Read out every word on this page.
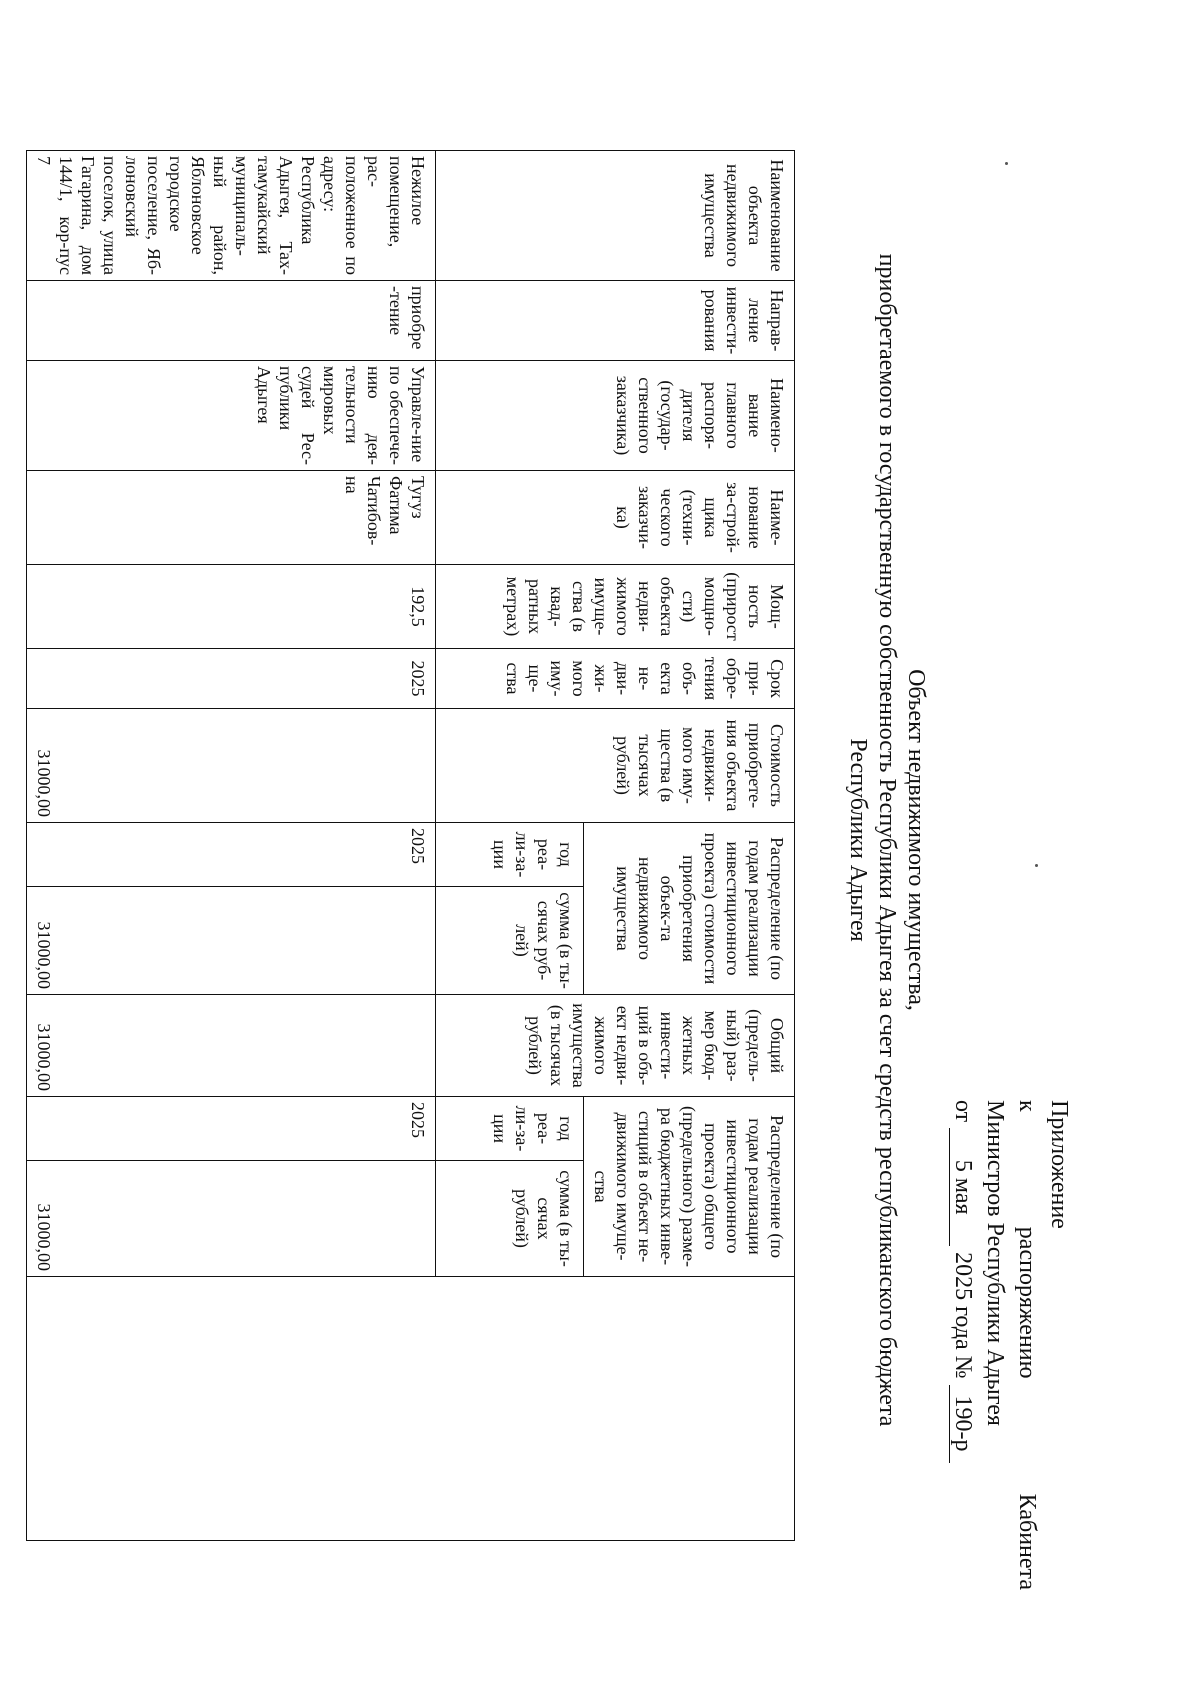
Приложение
к
распоряжению
Кабинета
Министров Республики Адыгея
от 5 мая 2025 года № 190-р
Объект недвижимого имущества,
приобретаемого в государственную собственность Республики Адыгея за счет средств республиканского бюджета
Республики Адыгея
Наименование объекта недвижимого имущества	Направ-ление инвести-рования	Наимено-вание главного распоря-дителя (государ-ственного заказчика)	Наиме-нование за-строй-щика (техни-ческого заказчи-ка)	Мощ-ность (прирост мощно-сти) объекта недви-жимого имуще-ства (в квад-ратных метрах)	Срок при-обре-тения объ-екта не-дви-жи-мого иму-ще-ства	Стоимость приобрете-ния объекта недвижи-мого иму-щества (в тысячах рублей)	Распределение (по годам реализации инвестиционного проекта) стоимости приобретения объек-та недвижимого имущества		Общий (предель-ный) раз-мер бюд-жетных инвести-ций в объ-ект недви-жимого имущества (в тысячах рублей)	Распределение (по годам реализации инвестиционного проекта) общего (предельного) разме-ра бюджетных инве-стиций в объект не-движимого имуще-ства		
							год реа-ли-за-ции	сумма (в ты-сячах руб-лей)		год реа-ли-за-ции	сумма (в ты-сячах рублей)	
Нежилое помещение, рас-положенное по адресу: Республика Адыгея, Тах-тамукайский муниципаль-ный район, Яблоновское городское поселение, Яб-лоновский поселок, улица Гагарина, дом 144/1, кор-пус 7	приобре-тение	Управле-ние по обеспече-нию дея-тельности мировых судей Рес-публики Адыгея	Тугуз Фатима Чатибов-на	192,5	2025	31000,00	2025	31000,00	31000,00	2025	31000,00	
